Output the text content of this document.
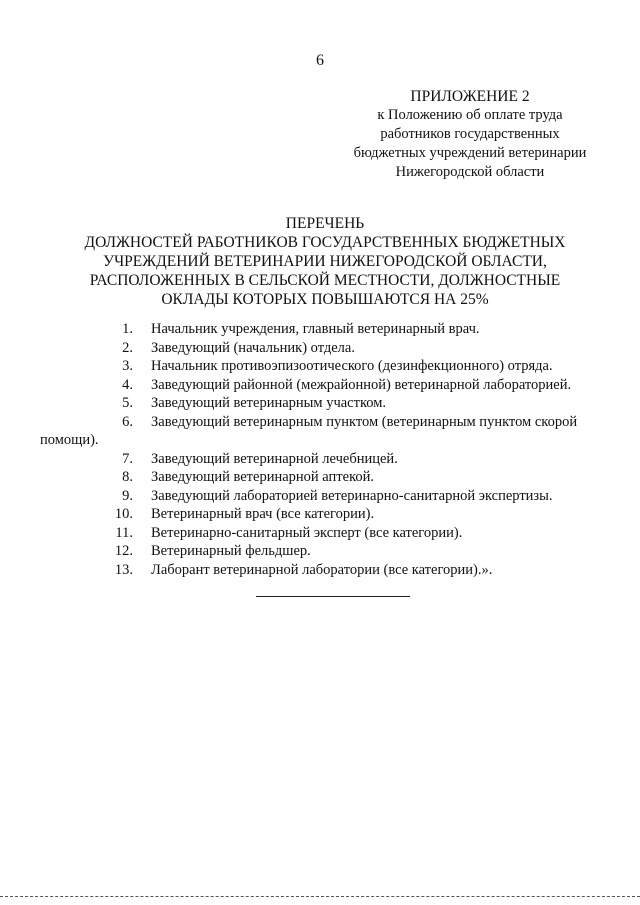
6
ПРИЛОЖЕНИЕ 2
к Положению об оплате труда
работников государственных
бюджетных учреждений ветеринарии
Нижегородской области
ПЕРЕЧЕНЬ
ДОЛЖНОСТЕЙ РАБОТНИКОВ ГОСУДАРСТВЕННЫХ БЮДЖЕТНЫХ
УЧРЕЖДЕНИЙ ВЕТЕРИНАРИИ НИЖЕГОРОДСКОЙ ОБЛАСТИ,
РАСПОЛОЖЕННЫХ В СЕЛЬСКОЙ МЕСТНОСТИ, ДОЛЖНОСТНЫЕ
ОКЛАДЫ КОТОРЫХ ПОВЫШАЮТСЯ НА 25%
1.	Начальник учреждения, главный ветеринарный врач.
2.	Заведующий (начальник) отдела.
3.	Начальник противоэпизоотического (дезинфекционного) отряда.
4.	Заведующий районной (межрайонной) ветеринарной лабораторией.
5.	Заведующий ветеринарным участком.
6.	Заведующий ветеринарным пунктом (ветеринарным пунктом скорой
помощи).
7.	Заведующий ветеринарной лечебницей.
8.	Заведующий ветеринарной аптекой.
9.	Заведующий лабораторией ветеринарно-санитарной экспертизы.
10.	Ветеринарный врач (все категории).
11.	Ветеринарно-санитарный эксперт (все категории).
12.	Ветеринарный фельдшер.
13.	Лаборант ветеринарной лаборатории (все категории).».
